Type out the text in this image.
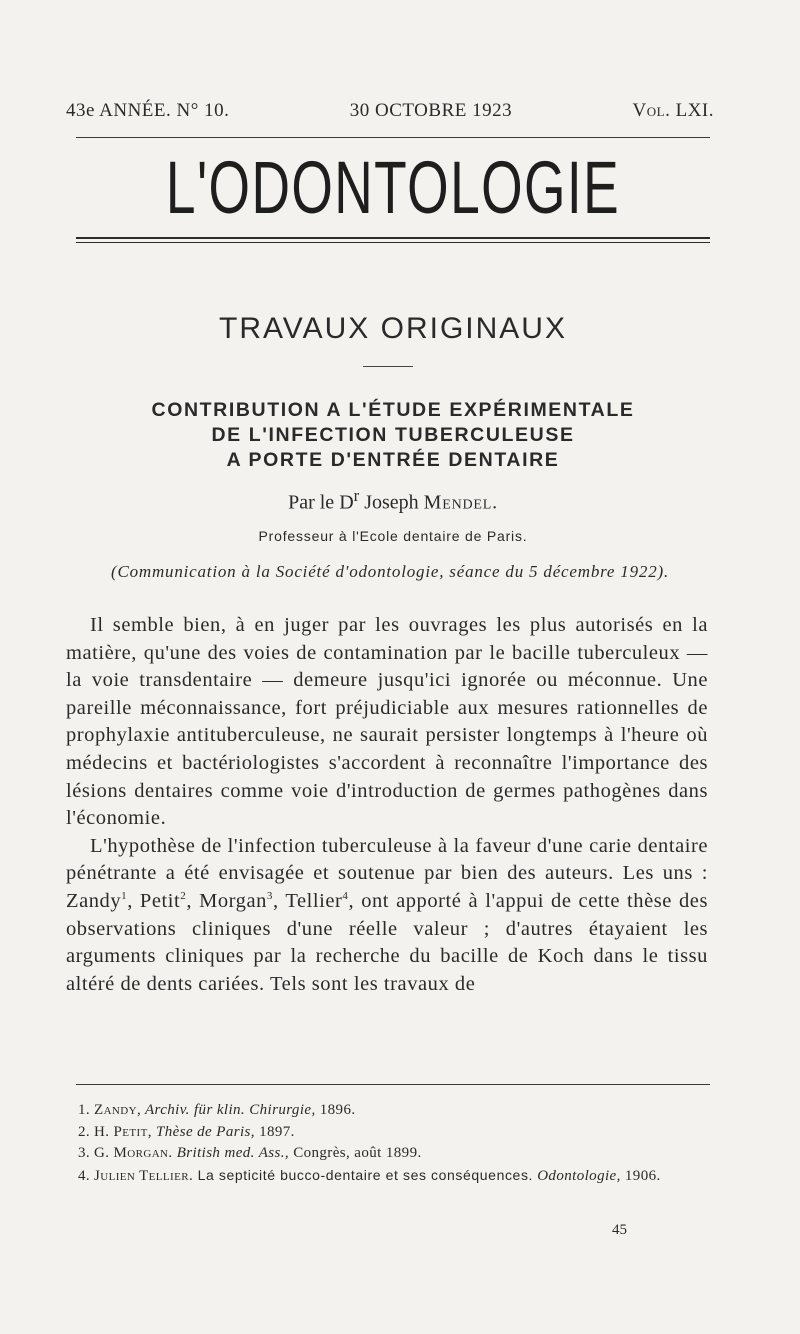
43e ANNÉE. N° 10.	30 OCTOBRE 1923	Vol. LXI.
L'ODONTOLOGIE
TRAVAUX ORIGINAUX
CONTRIBUTION A L'ÉTUDE EXPÉRIMENTALE
DE L'INFECTION TUBERCULEUSE
A PORTE D'ENTRÉE DENTAIRE
Par le $D^r$ Joseph Mendel.
Professeur à l'Ecole dentaire de Paris.
(Communication à la Société d'odontologie, séance du 5 décembre 1922).

Il semble bien, à en juger par les ouvrages les plus autorisés en la matière, qu'une des voies de contamination par le bacille tuberculeux — la voie transdentaire — demeure jusqu'ici ignorée ou méconnue. Une pareille méconnaissance, fort préjudiciable aux mesures rationnelles de prophylaxie antituberculeuse, ne saurait persister longtemps à l'heure où médecins et bactériologistes s'accordent à reconnaître l'importance des lésions dentaires comme voie d'introduction de germes pathogènes dans l'économie.

L'hypothèse de l'infection tuberculeuse à la faveur d'une carie dentaire pénétrante a été envisagée et soutenue par bien des auteurs. Les uns : Zandy$^1$, Petit$^2$, Morgan$^3$, Tellier$^4$, ont apporté à l'appui de cette thèse des observations cliniques d'une réelle valeur ; d'autres étayaient les arguments cliniques par la recherche du bacille de Koch dans le tissu altéré de dents cariées. Tels sont les travaux de

1. Zandy, Archiv. für klin. Chirurgie, 1896.
2. H. Petit, Thèse de Paris, 1897.
3. G. Morgan. British med. Ass., Congrès, août 1899.
4. Julien Tellier. La septicité bucco-dentaire et ses conséquences. Odontologie, 1906.
45
